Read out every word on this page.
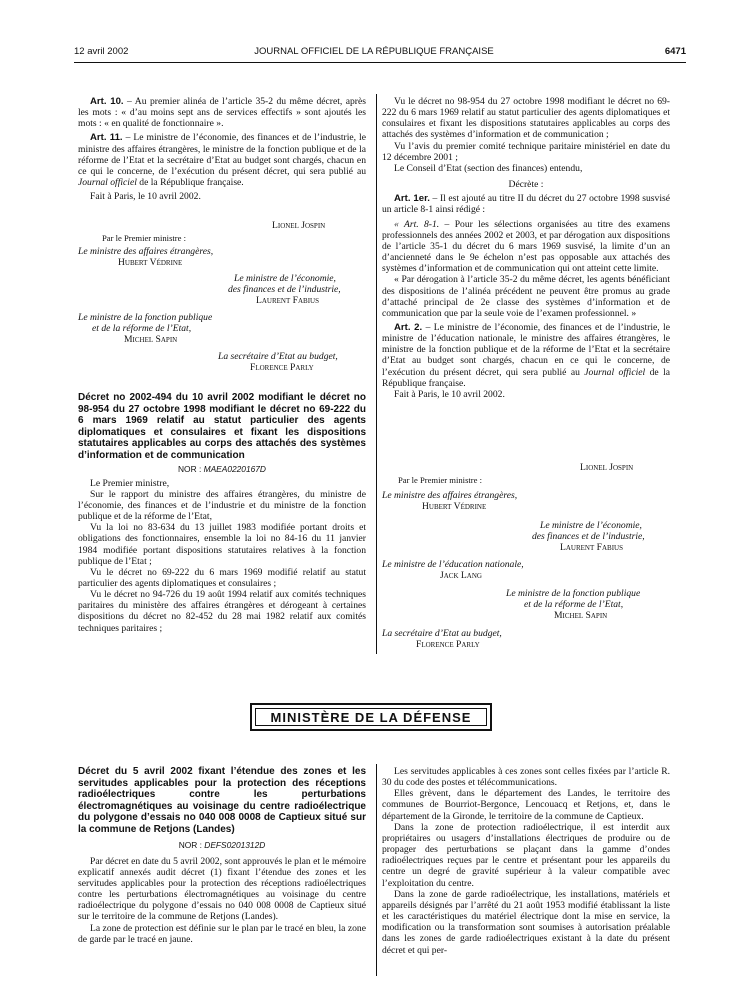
12 avril 2002	JOURNAL OFFICIEL DE LA RÉPUBLIQUE FRANÇAISE	6471

Art. 10. – Au premier alinéa de l’article 35-2 du même décret, après les mots : « d’au moins sept ans de services effectifs » sont ajoutés les mots : « en qualité de fonctionnaire ».

Art. 11. – Le ministre de l’économie, des finances et de l’industrie, le ministre des affaires étrangères, le ministre de la fonction publique et de la réforme de l’Etat et la secrétaire d’Etat au budget sont chargés, chacun en ce qui le concerne, de l’exécution du présent décret, qui sera publié au Journal officiel de la République française.

Fait à Paris, le 10 avril 2002.

Lionel Jospin
Par le Premier ministre :
Le ministre des affaires étrangères,
Hubert Védrine
Le ministre de l’économie,
des finances et de l’industrie,
Laurent Fabius
Le ministre de la fonction publique
et de la réforme de l’Etat,
Michel Sapin
La secrétaire d’Etat au budget,
Florence Parly

Décret no 2002-494 du 10 avril 2002 modifiant le décret no 98-954 du 27 octobre 1998 modifiant le décret no 69-222 du 6 mars 1969 relatif au statut particulier des agents diplomatiques et consulaires et fixant les dispositions statutaires applicables au corps des attachés des systèmes d’information et de communication

NOR : MAEA0220167D

Le Premier ministre,

Sur le rapport du ministre des affaires étrangères, du ministre de l’économie, des finances et de l’industrie et du ministre de la fonction publique et de la réforme de l’Etat,

Vu la loi no 83-634 du 13 juillet 1983 modifiée portant droits et obligations des fonctionnaires, ensemble la loi no 84-16 du 11 janvier 1984 modifiée portant dispositions statutaires relatives à la fonction publique de l’Etat ;

Vu le décret no 69-222 du 6 mars 1969 modifié relatif au statut particulier des agents diplomatiques et consulaires ;

Vu le décret no 94-726 du 19 août 1994 relatif aux comités techniques paritaires du ministère des affaires étrangères et dérogeant à certaines dispositions du décret no 82-452 du 28 mai 1982 relatif aux comités techniques paritaires ;

Vu le décret no 98-954 du 27 octobre 1998 modifiant le décret no 69-222 du 6 mars 1969 relatif au statut particulier des agents diplomatiques et consulaires et fixant les dispositions statutaires applicables au corps des attachés des systèmes d’information et de communication ;

Vu l’avis du premier comité technique paritaire ministériel en date du 12 décembre 2001 ;

Le Conseil d’Etat (section des finances) entendu,

Décrète :

Art. 1er. – Il est ajouté au titre II du décret du 27 octobre 1998 susvisé un article 8-1 ainsi rédigé :

« Art. 8-1. – Pour les sélections organisées au titre des examens professionnels des années 2002 et 2003, et par dérogation aux dispositions de l’article 35-1 du décret du 6 mars 1969 susvisé, la limite d’un an d’ancienneté dans le 9e échelon n’est pas opposable aux attachés des systèmes d’information et de communication qui ont atteint cette limite.

« Par dérogation à l’article 35-2 du même décret, les agents bénéficiant des dispositions de l’alinéa précédent ne peuvent être promus au grade d’attaché principal de 2e classe des systèmes d’information et de communication que par la seule voie de l’examen professionnel. »

Art. 2. – Le ministre de l’économie, des finances et de l’industrie, le ministre de l’éducation nationale, le ministre des affaires étrangères, le ministre de la fonction publique et de la réforme de l’Etat et la secrétaire d’Etat au budget sont chargés, chacun en ce qui le concerne, de l’exécution du présent décret, qui sera publié au Journal officiel de la République française.

Fait à Paris, le 10 avril 2002.

Lionel Jospin
Par le Premier ministre :
Le ministre des affaires étrangères,
Hubert Védrine
Le ministre de l’économie,
des finances et de l’industrie,
Laurent Fabius
Le ministre de l’éducation nationale,
Jack Lang
Le ministre de la fonction publique
et de la réforme de l’Etat,
Michel Sapin
La secrétaire d’Etat au budget,
Florence Parly
MINISTÈRE DE LA DÉFENSE

Décret du 5 avril 2002 fixant l’étendue des zones et les servitudes applicables pour la protection des réceptions radioélectriques contre les perturbations électromagnétiques au voisinage du centre radioélectrique du polygone d’essais no 040 008 0008 de Captieux situé sur la commune de Retjons (Landes)

NOR : DEFS0201312D

Par décret en date du 5 avril 2002, sont approuvés le plan et le mémoire explicatif annexés audit décret (1) fixant l’étendue des zones et les servitudes applicables pour la protection des réceptions radioélectriques contre les perturbations électromagnétiques au voisinage du centre radioélectrique du polygone d’essais no 040 008 0008 de Captieux situé sur le territoire de la commune de Retjons (Landes).

La zone de protection est définie sur le plan par le tracé en bleu, la zone de garde par le tracé en jaune.

Les servitudes applicables à ces zones sont celles fixées par l’article R. 30 du code des postes et télécommunications.

Elles grèvent, dans le département des Landes, le territoire des communes de Bourriot-Bergonce, Lencouacq et Retjons, et, dans le département de la Gironde, le territoire de la commune de Captieux.

Dans la zone de protection radioélectrique, il est interdit aux propriétaires ou usagers d’installations électriques de produire ou de propager des perturbations se plaçant dans la gamme d’ondes radioélectriques reçues par le centre et présentant pour les appareils du centre un degré de gravité supérieur à la valeur compatible avec l’exploitation du centre.

Dans la zone de garde radioélectrique, les installations, matériels et appareils désignés par l’arrêté du 21 août 1953 modifié établissant la liste et les caractéristiques du matériel électrique dont la mise en service, la modification ou la transformation sont soumises à autorisation préalable dans les zones de garde radioélectriques existant à la date du présent décret et qui per-
